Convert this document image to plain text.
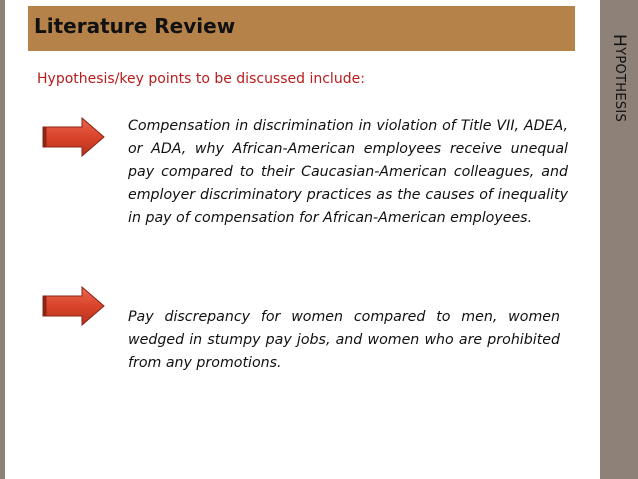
Literature Review
HYPOTHESIS
Hypothesis/key points to be discussed include:
Compensation in discrimination in violation of Title VII, ADEA, or ADA, why African-American employees receive unequal pay compared to their Caucasian-American colleagues, and employer discriminatory practices as the causes of inequality in pay of compensation for African-American employees.
Pay discrepancy for women compared to men, women wedged in stumpy pay jobs, and women who are prohibited from any promotions.
